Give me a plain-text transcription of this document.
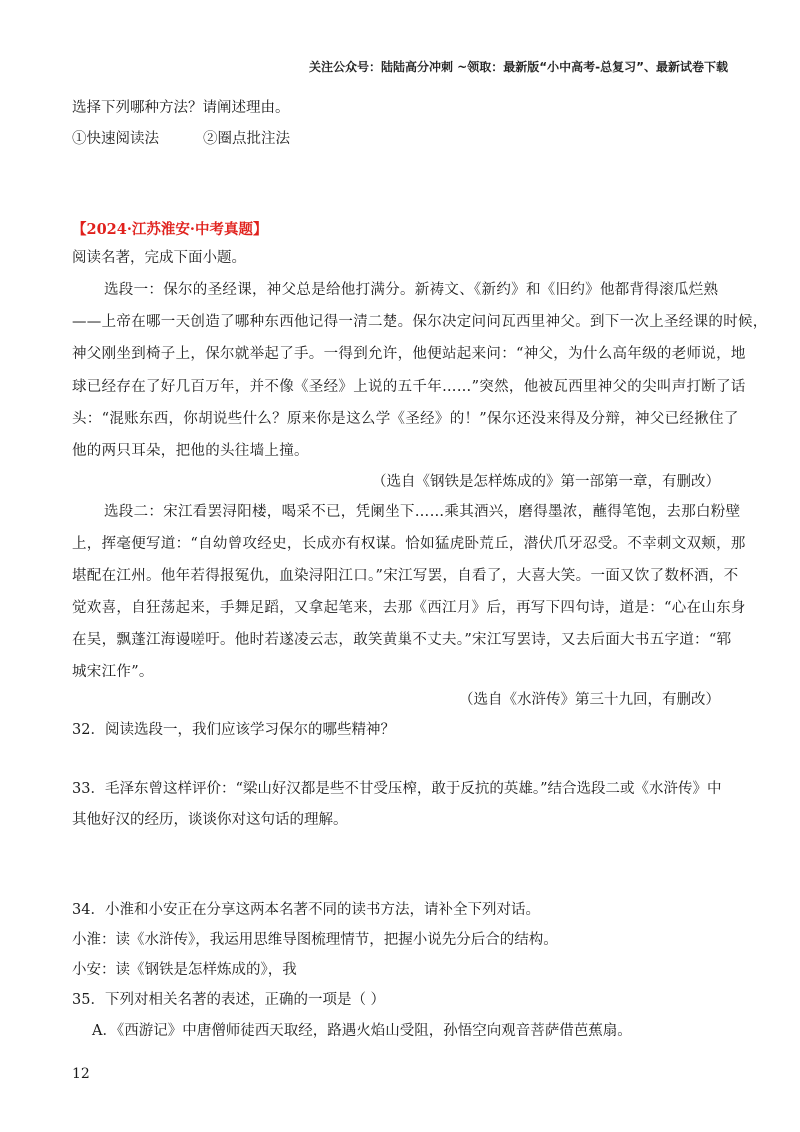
关注公众号：陆陆高分冲刺 ~领取：最新版“小中高考-总复习”、最新试卷下载
选择下列哪种方法？请阐述理由。
①快速阅读法	②圈点批注法
【2024·江苏淮安·中考真题】
阅读名著，完成下面小题。
选段一：保尔的圣经课，神父总是给他打满分。新祷文、《新约》和《旧约》他都背得滚瓜烂熟
——上帝在哪一天创造了哪种东西他记得一清二楚。保尔决定问问瓦西里神父。到下一次上圣经课的时候，
神父刚坐到椅子上，保尔就举起了手。一得到允许，他便站起来问：“神父，为什么高年级的老师说，地
球已经存在了好几百万年，并不像《圣经》上说的五千年……”突然，他被瓦西里神父的尖叫声打断了话
头：“混账东西，你胡说些什么？原来你是这么学《圣经》的！”保尔还没来得及分辩，神父已经揪住了
他的两只耳朵，把他的头往墙上撞。
（选自《钢铁是怎样炼成的》第一部第一章，有删改）
选段二：宋江看罢浔阳楼，喝采不已，凭阑坐下……乘其酒兴，磨得墨浓，蘸得笔饱，去那白粉壁
上，挥毫便写道：“自幼曾攻经史，长成亦有权谋。恰如猛虎卧荒丘，潜伏爪牙忍受。不幸刺文双颊，那
堪配在江州。他年若得报冤仇，血染浔阳江口。”宋江写罢，自看了，大喜大笑。一面又饮了数杯酒，不
觉欢喜，自狂荡起来，手舞足蹈，又拿起笔来，去那《西江月》后，再写下四句诗，道是：“心在山东身
在吴，飘蓬江海谩嗟吁。他时若遂凌云志，敢笑黄巢不丈夫。”宋江写罢诗，又去后面大书五字道：“郓
城宋江作”。
（选自《水浒传》第三十九回，有删改）
32．阅读选段一，我们应该学习保尔的哪些精神？
33．毛泽东曾这样评价：“梁山好汉都是些不甘受压榨，敢于反抗的英雄。”结合选段二或《水浒传》中
其他好汉的经历，谈谈你对这句话的理解。
34．小淮和小安正在分享这两本名著不同的读书方法，请补全下列对话。
小淮：读《水浒传》，我运用思维导图梳理情节，把握小说先分后合的结构。
小安：读《钢铁是怎样炼成的》，我
35．下列对相关名著的表述，正确的一项是（ ）
A．《西游记》中唐僧师徒西天取经，路遇火焰山受阻，孙悟空向观音菩萨借芭蕉扇。
12
